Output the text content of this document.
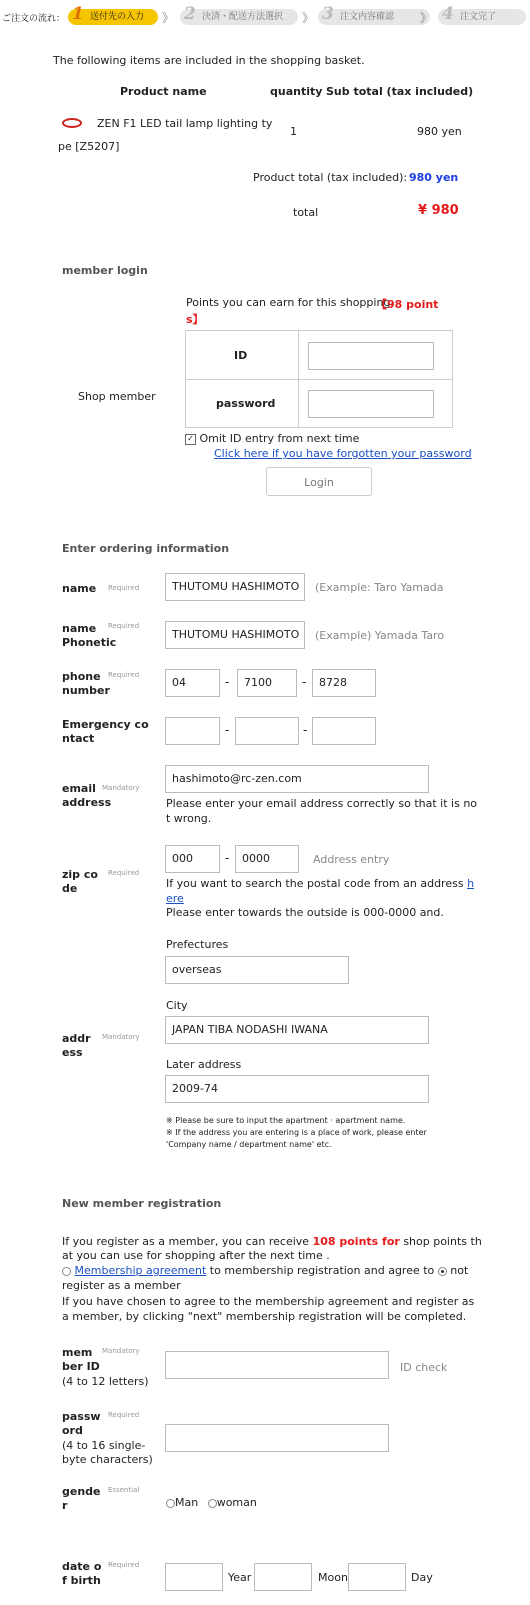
ご注文の流れ： 1 送付先の入力	》 2 決済・配送方法選択	》 3 注文内容確認	》 4 注文完了
The following items are included in the shopping basket.
Product name	quantity Sub total (tax included)
ZEN F1 LED tail lamp lighting ty
pe [Z5207]
1	980 yen
Product total (tax included): 980 yen
total	¥ 980
member login
Points you can earn for this shopping:
【98 point
s】
Shop member
ID
password
✓ Omit ID entry from next time
Click here if you have forgotten your password
Login
Enter ordering information
name Required	THUTOMU HASHIMOTO	(Example: Taro Yamada
name
Phonetic
Required
THUTOMU HASHIMOTO	(Example) Yamada Taro
phone
number
Required
04	-	7100	-	8728
Emergency co
ntact
-	-
email
address
Mandatory
hashimoto@rc-zen.com
Please enter your email address correctly so that it is no
t wrong.
zip co
de
Required
000	-	0000	Address entry
If you want to search the postal code from an address h
ere
Please enter towards the outside is 000-0000 and.
Prefectures
overseas
City
addr
ess
Mandatory
JAPAN TIBA NODASHI IWANA
Later address
2009-74
※ Please be sure to input the apartment · apartment name.
※ If the address you are entering is a place of work, please enter
'Company name / department name' etc.
New member registration
If you register as a member, you can receive 108 points for shop points th
at you can use for shopping after the next time .
Membership agreement to membership registration and agree to not
register as a member
If you have chosen to agree to the membership agreement and register as
a member, by clicking "next" membership registration will be completed.
mem
ber ID
(4 to 12 letters)
Mandatory
ID check
passw
ord
(4 to 16 single-
byte characters)
Required
gende
r
Essential
Man woman
date o
f birth
Required
Year	Moon	Day
